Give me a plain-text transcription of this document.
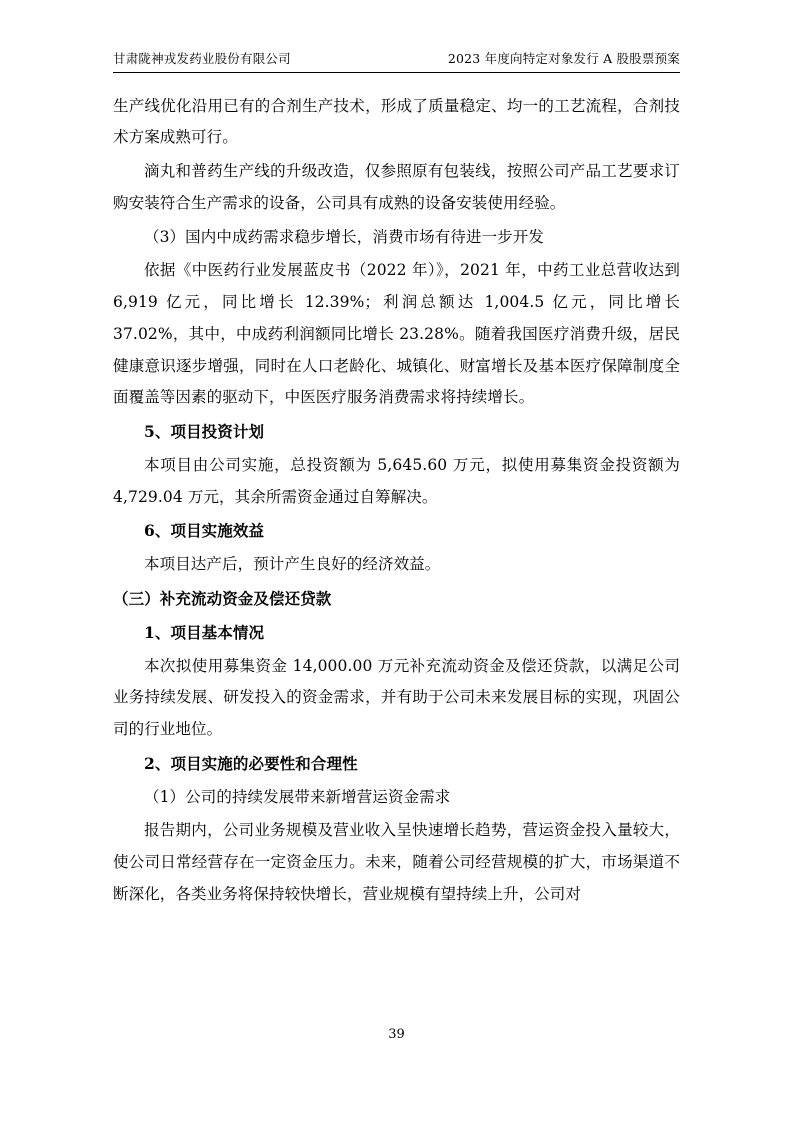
甘肃陇神戎发药业股份有限公司	2023 年度向特定对象发行 A 股股票预案

生产线优化沿用已有的合剂生产技术，形成了质量稳定、均一的工艺流程，合剂技术方案成熟可行。

滴丸和普药生产线的升级改造，仅参照原有包装线，按照公司产品工艺要求订购安装符合生产需求的设备，公司具有成熟的设备安装使用经验。

（3）国内中成药需求稳步增长，消费市场有待进一步开发

依据《中医药行业发展蓝皮书（2022 年）》，2021 年，中药工业总营收达到 6,919 亿元，同比增长 12.39%；利润总额达 1,004.5 亿元，同比增长 37.02%，其中，中成药利润额同比增长 23.28%。随着我国医疗消费升级，居民健康意识逐步增强，同时在人口老龄化、城镇化、财富增长及基本医疗保障制度全面覆盖等因素的驱动下，中医医疗服务消费需求将持续增长。

5、项目投资计划

本项目由公司实施，总投资额为 5,645.60 万元，拟使用募集资金投资额为 4,729.04 万元，其余所需资金通过自筹解决。

6、项目实施效益

本项目达产后，预计产生良好的经济效益。

（三）补充流动资金及偿还贷款

1、项目基本情况

本次拟使用募集资金 14,000.00 万元补充流动资金及偿还贷款，以满足公司业务持续发展、研发投入的资金需求，并有助于公司未来发展目标的实现，巩固公司的行业地位。

2、项目实施的必要性和合理性

（1）公司的持续发展带来新增营运资金需求

报告期内，公司业务规模及营业收入呈快速增长趋势，营运资金投入量较大，使公司日常经营存在一定资金压力。未来，随着公司经营规模的扩大，市场渠道不断深化，各类业务将保持较快增长，营业规模有望持续上升，公司对

39
